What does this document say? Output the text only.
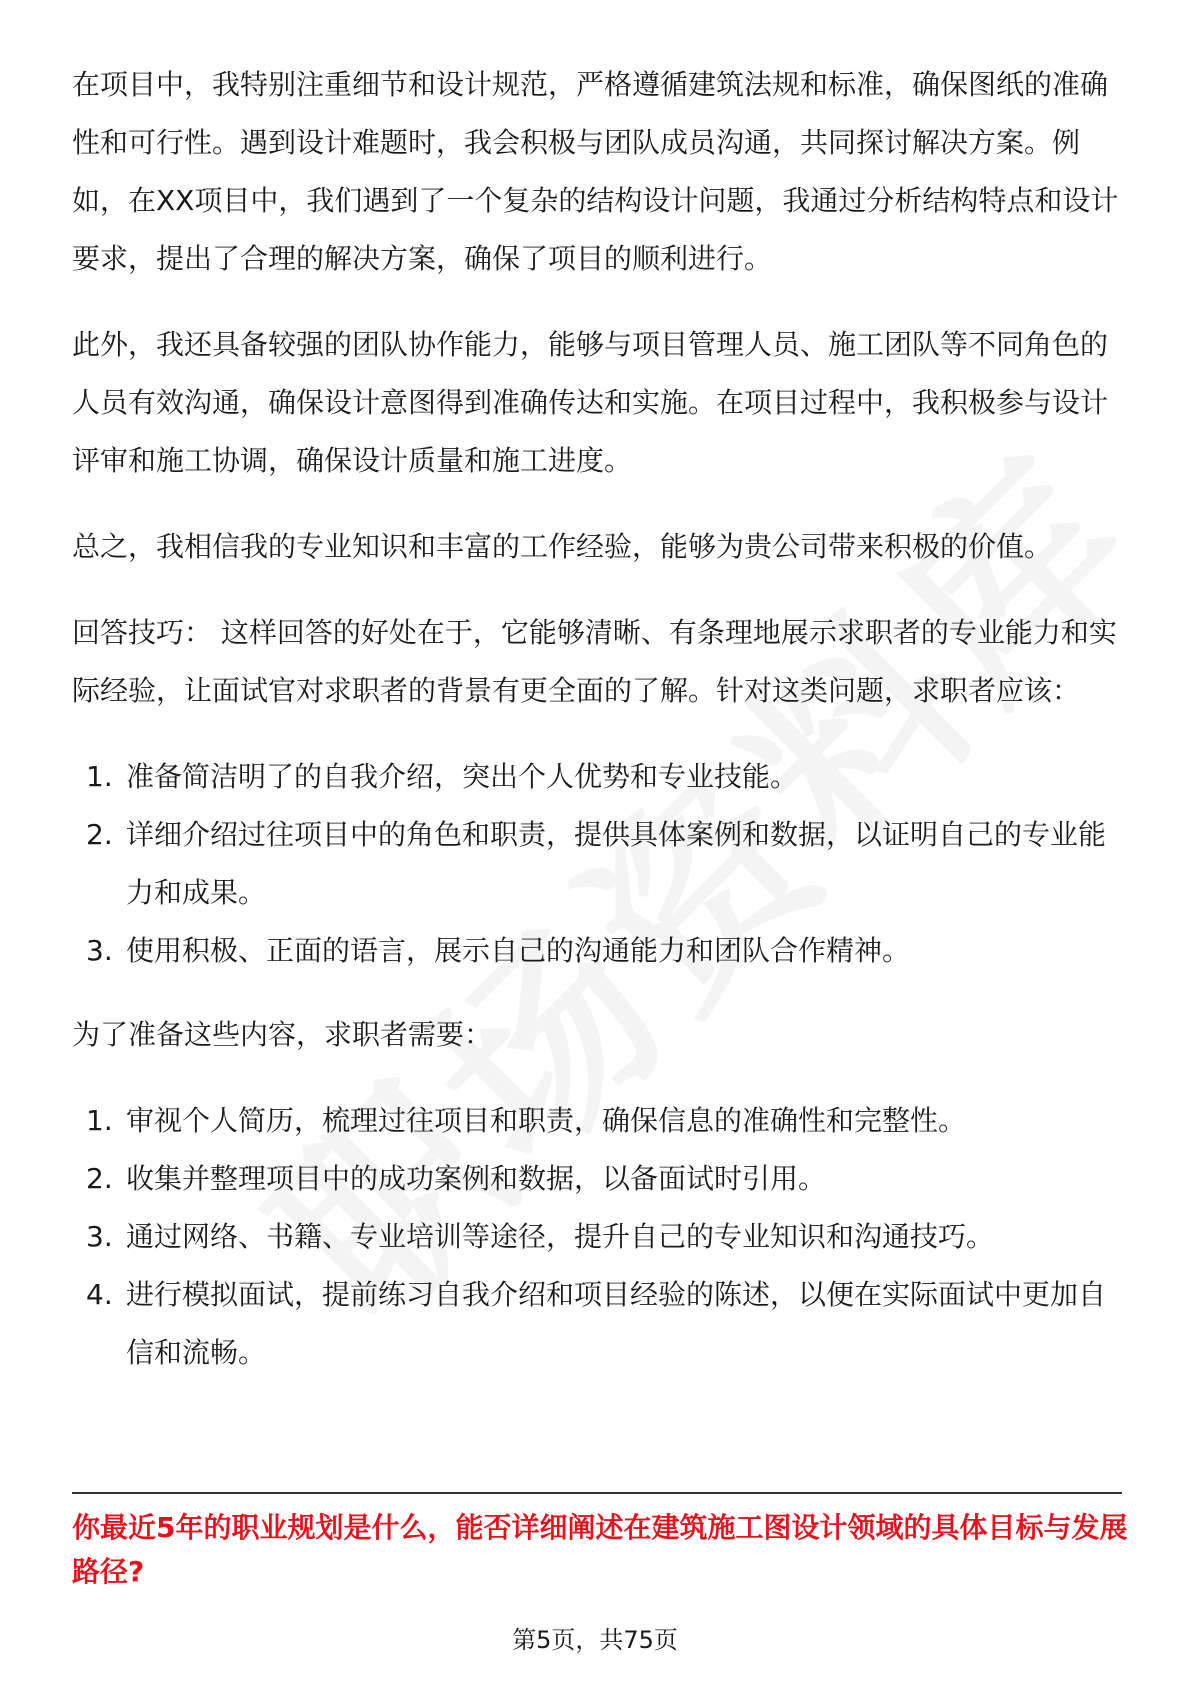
在项目中，我特别注重细节和设计规范，严格遵循建筑法规和标准，确保图纸的准确性和可行性。遇到设计难题时，我会积极与团队成员沟通，共同探讨解决方案。例如，在XX项目中，我们遇到了一个复杂的结构设计问题，我通过分析结构特点和设计要求，提出了合理的解决方案，确保了项目的顺利进行。

此外，我还具备较强的团队协作能力，能够与项目管理人员、施工团队等不同角色的人员有效沟通，确保设计意图得到准确传达和实施。在项目过程中，我积极参与设计评审和施工协调，确保设计质量和施工进度。

总之，我相信我的专业知识和丰富的工作经验，能够为贵公司带来积极的价值。

回答技巧： 这样回答的好处在于，它能够清晰、有条理地展示求职者的专业能力和实际经验，让面试官对求职者的背景有更全面的了解。针对这类问题，求职者应该：

1. 准备简洁明了的自我介绍，突出个人优势和专业技能。
2. 详细介绍过往项目中的角色和职责，提供具体案例和数据，以证明自己的专业能力和成果。
3. 使用积极、正面的语言，展示自己的沟通能力和团队合作精神。

为了准备这些内容，求职者需要：

1. 审视个人简历，梳理过往项目和职责，确保信息的准确性和完整性。
2. 收集并整理项目中的成功案例和数据，以备面试时引用。
3. 通过网络、书籍、专业培训等途径，提升自己的专业知识和沟通技巧。
4. 进行模拟面试，提前练习自我介绍和项目经验的陈述，以便在实际面试中更加自信和流畅。
你最近5年的职业规划是什么，能否详细阐述在建筑施工图设计领域的具体目标与发展路径?
第5页，共75页
